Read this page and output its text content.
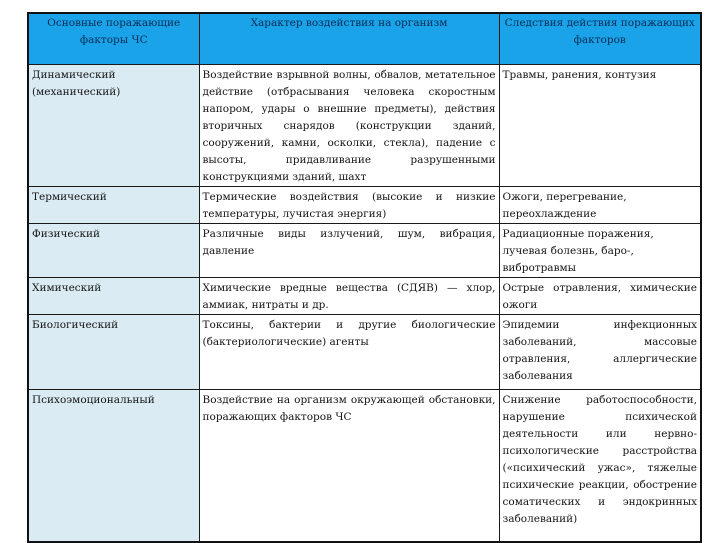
Основные поражающие факторы ЧС	Характер воздействия на организм	Следствия действия поражающих факторов
Динамический (механический)	Воздействие взрывной волны, обвалов, метательное действие (отбрасывания человека скоростным напором, удары о внешние предметы), действия вторичных снарядов (конструкции зданий, сооружений, камни, осколки, стекла), падение с высоты, придавливание разрушенными конструкциями зданий, шахт	Травмы, ранения, контузия
Термический	Термические воздействия (высокие и низкие температуры, лучистая энергия)	Ожоги, перегревание, переохлаждение
Физический	Различные виды излучений, шум, вибрация, давление	Радиационные поражения, лучевая болезнь, баро-, вибротравмы
Химический	Химические вредные вещества (СДЯВ) — хлор, аммиак, нитраты и др.	Острые отравления, химические ожоги
Биологический	Токсины, бактерии и другие биологические (бактериологические) агенты	Эпидемии инфекционных заболеваний, массовые отравления, аллергические заболевания
Психоэмоциональный	Воздействие на организм окружающей обстановки, поражающих факторов ЧС	Снижение работоспособности, нарушение психической деятельности или нервно-психологические расстройства («психический ужас», тяжелые психические реакции, обострение соматических и эндокринных заболеваний)
